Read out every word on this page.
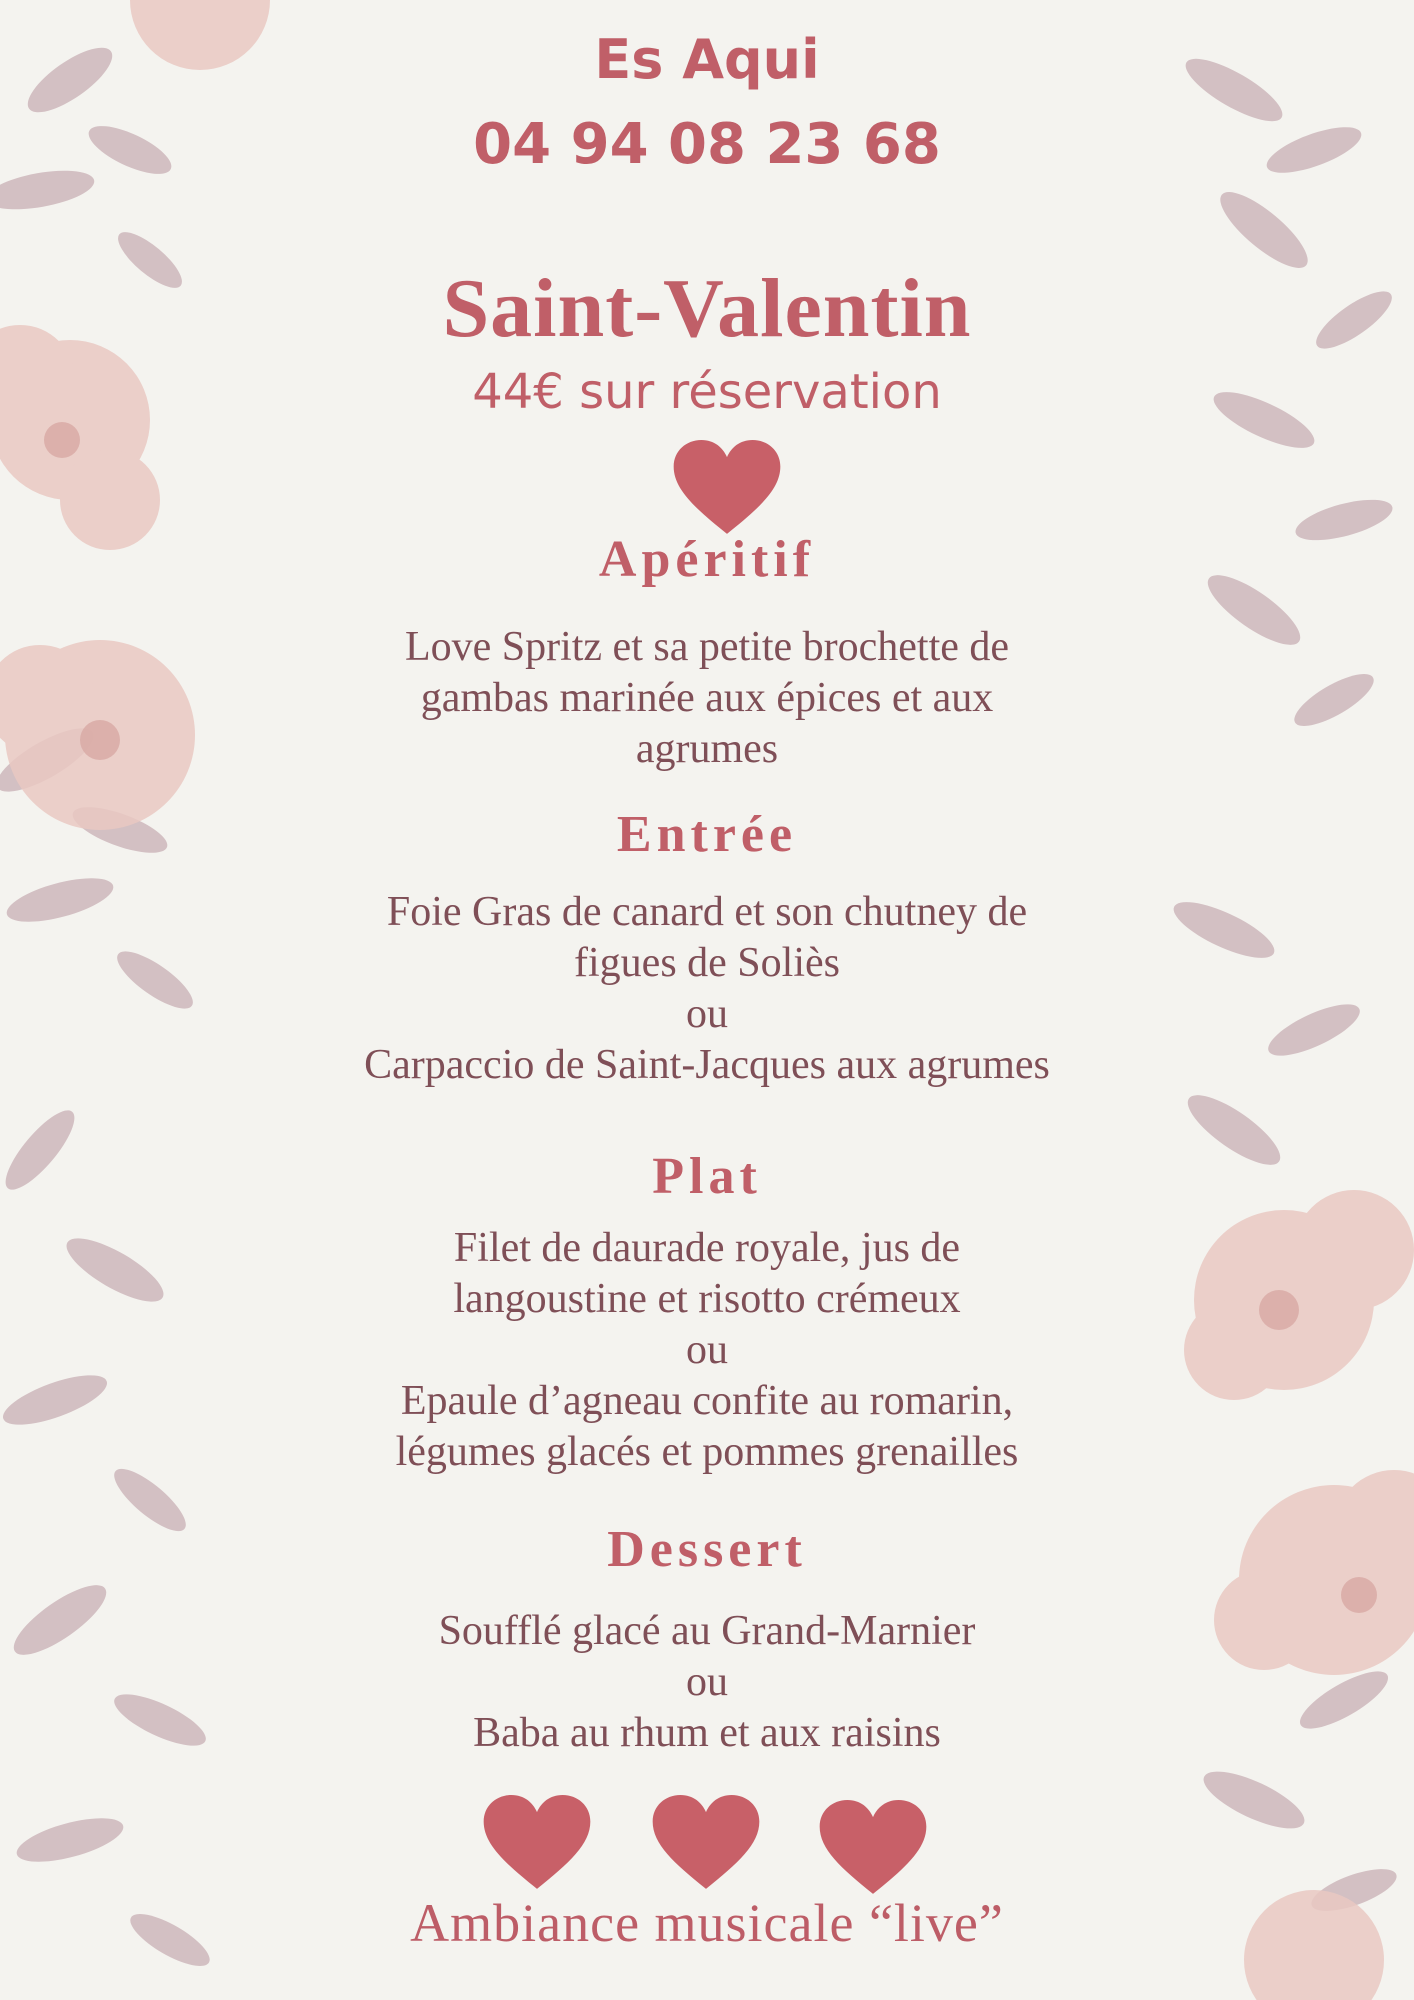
Es Aqui
04 94 08 23 68
Saint-Valentin
44€ sur réservation
Apéritif
Love Spritz et sa petite brochette de
gambas marinée aux épices et aux
agrumes
Entrée
Foie Gras de canard et son chutney de
figues de Soliès
ou
Carpaccio de Saint-Jacques aux agrumes
Plat
Filet de daurade royale, jus de
langoustine et risotto crémeux
ou
Epaule d’agneau confite au romarin,
légumes glacés et pommes grenailles
Dessert
Soufflé glacé au Grand-Marnier
ou
Baba au rhum et aux raisins
Ambiance musicale “live”
